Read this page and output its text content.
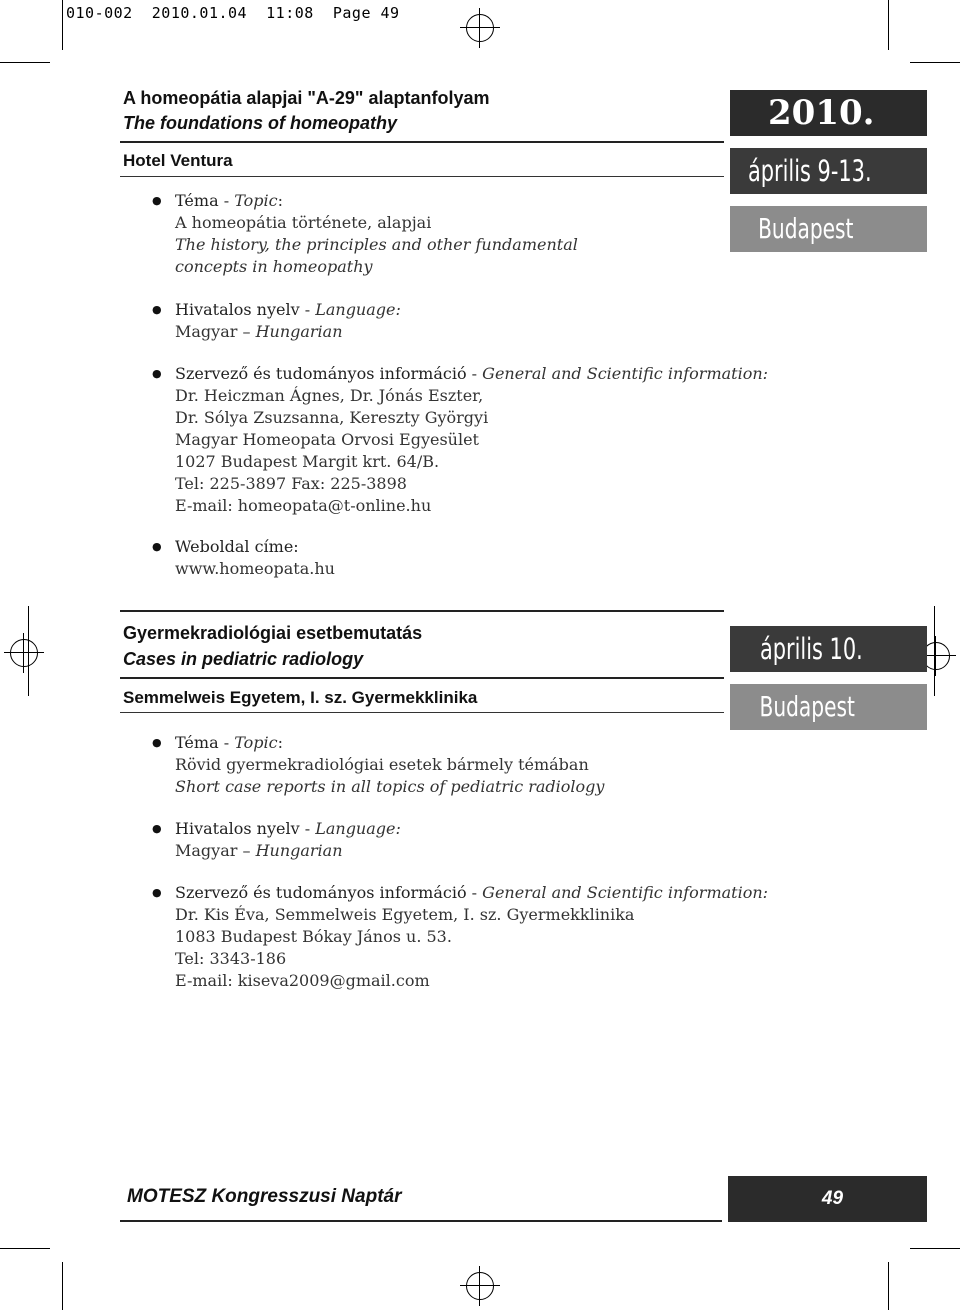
010-002  2010.01.04  11:08  Page 49
A homeopátia alapjai "A-29" alaptanfolyam
The foundations of homeopathy
Hotel Ventura
2010.
április 9-13.
Budapest
● Téma - Topic:
A homeopátia története, alapjai
The history, the principles and other fundamental
concepts in homeopathy
● Hivatalos nyelv - Language:
Magyar – Hungarian
● Szervező és tudományos információ - General and Scientific information:
Dr. Heiczman Ágnes, Dr. Jónás Eszter,
Dr. Sólya Zsuzsanna, Kereszty Györgyi
Magyar Homeopata Orvosi Egyesület
1027 Budapest Margit krt. 64/B.
Tel: 225-3897 Fax: 225-3898
E-mail: homeopata@t-online.hu
● Weboldal címe:
www.homeopata.hu
Gyermekradiológiai esetbemutatás
Cases in pediatric radiology
Semmelweis Egyetem, I. sz. Gyermekklinika
április 10.
Budapest
● Téma - Topic:
Rövid gyermekradiológiai esetek bármely témában
Short case reports in all topics of pediatric radiology
● Hivatalos nyelv - Language:
Magyar – Hungarian
● Szervező és tudományos információ - General and Scientific information:
Dr. Kis Éva, Semmelweis Egyetem, I. sz. Gyermekklinika
1083 Budapest Bókay János u. 53.
Tel: 3343-186
E-mail: kiseva2009@gmail.com
MOTESZ Kongresszusi Naptár	49
